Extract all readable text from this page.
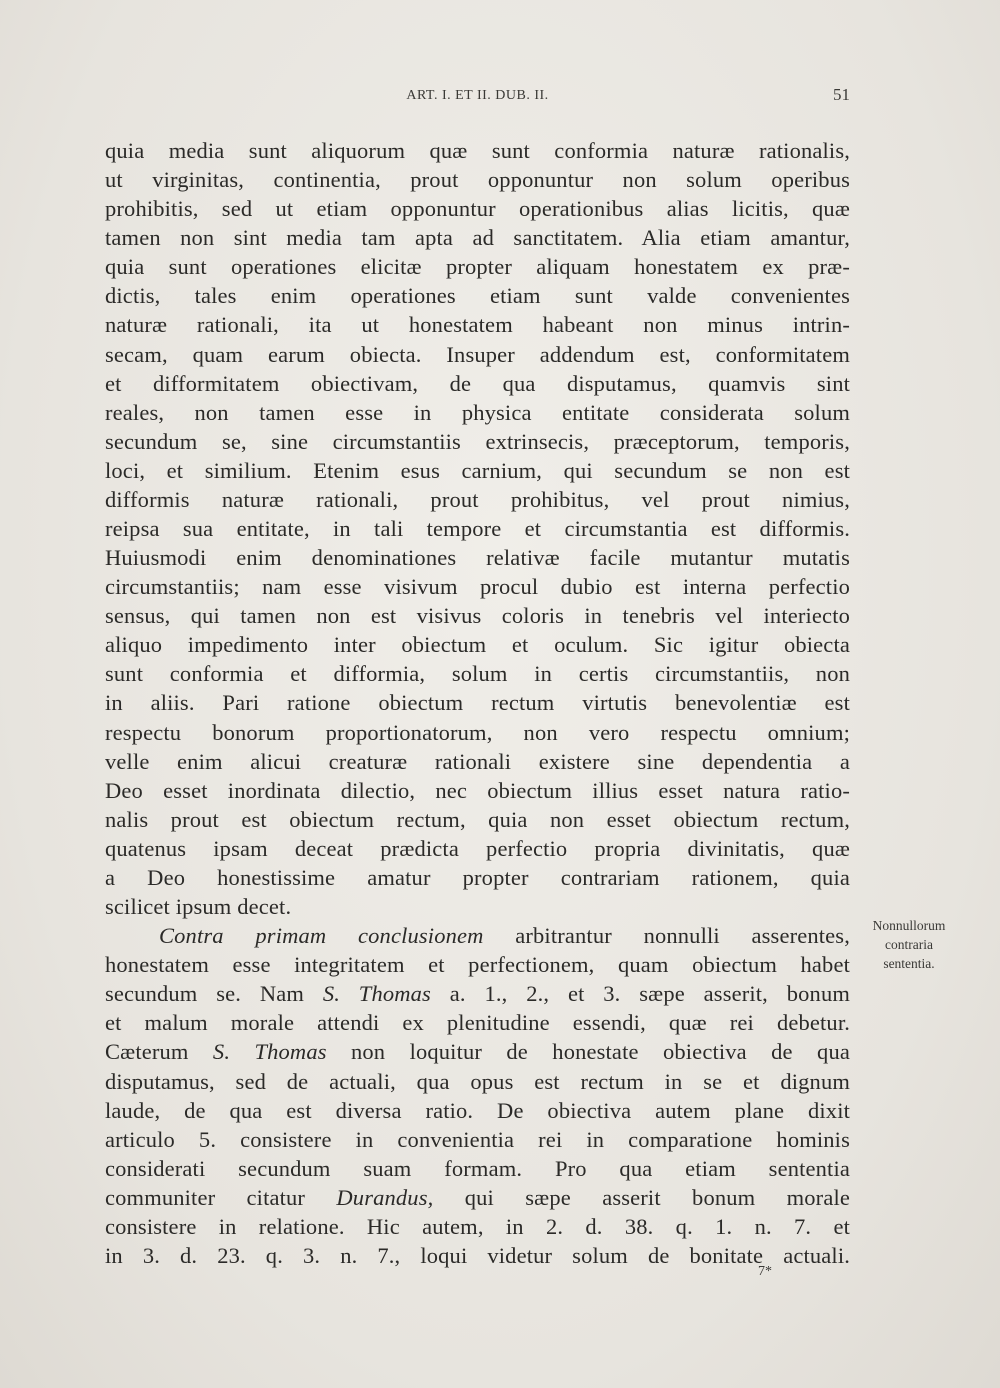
ART. I. ET II. DUB. II.	51
quia media sunt aliquorum quæ sunt conformia naturæ rationalis,
ut virginitas, continentia, prout opponuntur non solum operibus
prohibitis, sed ut etiam opponuntur operationibus alias licitis, quæ
tamen non sint media tam apta ad sanctitatem. Alia etiam amantur,
quia sunt operationes elicitæ propter aliquam honestatem ex præ-
dictis, tales enim operationes etiam sunt valde convenientes
naturæ rationali, ita ut honestatem habeant non minus intrin-
secam, quam earum obiecta. Insuper addendum est, conformitatem
et difformitatem obiectivam, de qua disputamus, quamvis sint
reales, non tamen esse in physica entitate considerata solum
secundum se, sine circumstantiis extrinsecis, præceptorum, temporis,
loci, et similium. Etenim esus carnium, qui secundum se non est
difformis naturæ rationali, prout prohibitus, vel prout nimius,
reipsa sua entitate, in tali tempore et circumstantia est difformis.
Huiusmodi enim denominationes relativæ facile mutantur mutatis
circumstantiis; nam esse visivum procul dubio est interna perfectio
sensus, qui tamen non est visivus coloris in tenebris vel interiecto
aliquo impedimento inter obiectum et oculum. Sic igitur obiecta
sunt conformia et difformia, solum in certis circumstantiis, non
in aliis. Pari ratione obiectum rectum virtutis benevolentiæ est
respectu bonorum proportionatorum, non vero respectu omnium;
velle enim alicui creaturæ rationali existere sine dependentia a
Deo esset inordinata dilectio, nec obiectum illius esset natura ratio-
nalis prout est obiectum rectum, quia non esset obiectum rectum,
quatenus ipsam deceat prædicta perfectio propria divinitatis, quæ
a Deo honestissime amatur propter contrariam rationem, quia
scilicet ipsum decet.
Contra primam conclusionem arbitrantur nonnulli asserentes,
honestatem esse integritatem et perfectionem, quam obiectum habet
secundum se. Nam S. Thomas a. 1., 2., et 3. sæpe asserit, bonum
et malum morale attendi ex plenitudine essendi, quæ rei debetur.
Cæterum S. Thomas non loquitur de honestate obiectiva de qua
disputamus, sed de actuali, qua opus est rectum in se et dignum
laude, de qua est diversa ratio. De obiectiva autem plane dixit
articulo 5. consistere in convenientia rei in comparatione hominis
considerati secundum suam formam. Pro qua etiam sententia
communiter citatur Durandus, qui sæpe asserit bonum morale
consistere in relatione. Hic autem, in 2. d. 38. q. 1. n. 7. et
in 3. d. 23. q. 3. n. 7., loqui videtur solum de bonitate actuali.
Nonnullorum
contraria
sententia.
7*
